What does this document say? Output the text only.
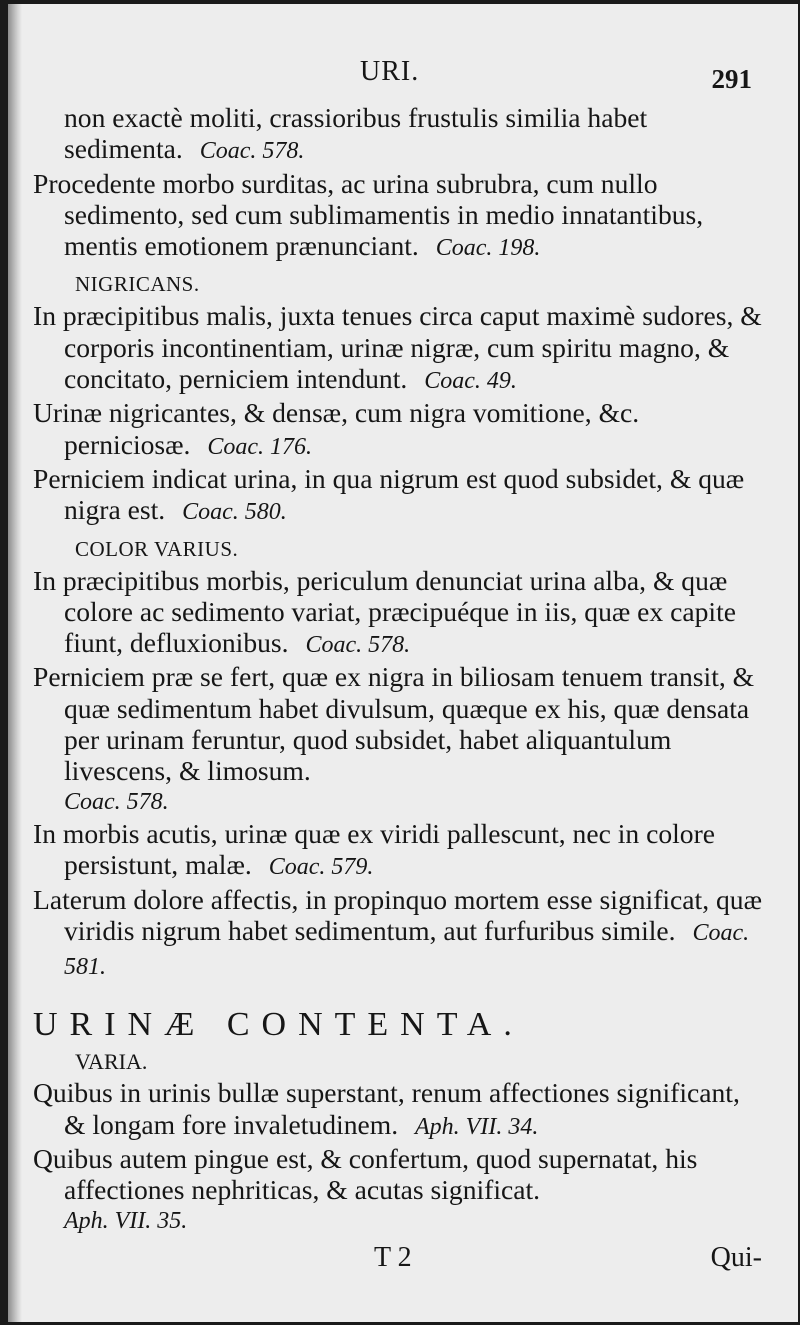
URI.	291

non exactè moliti, crassioribus frustulis similia habet sedimenta. Coac. 578.

Procedente morbo surditas, ac urina subrubra, cum nullo sedimento, sed cum sublimamentis in medio innatantibus, mentis emotionem prænunciant. Coac. 198.

NIGRICANS.

In præcipitibus malis, juxta tenues circa caput maximè sudores, & corporis incontinentiam, urinæ nigræ, cum spiritu magno, & concitato, perniciem intendunt. Coac. 49.

Urinæ nigricantes, & densæ, cum nigra vomitione, &c. perniciosæ. Coac. 176.

Perniciem indicat urina, in qua nigrum est quod subsidet, & quæ nigra est. Coac. 580.

COLOR VARIUS.

In præcipitibus morbis, periculum denunciat urina alba, & quæ colore ac sedimento variat, præcipuéque in iis, quæ ex capite fiunt, defluxionibus. Coac. 578.

Perniciem præ se fert, quæ ex nigra in biliosam tenuem transit, & quæ sedimentum habet divulsum, quæque ex his, quæ densata per urinam feruntur, quod subsidet, habet aliquantulum livescens, & limosum.

Coac. 578.

In morbis acutis, urinæ quæ ex viridi pallescunt, nec in colore persistunt, malæ. Coac. 579.

Laterum dolore affectis, in propinquo mortem esse significat, quæ viridis nigrum habet sedimentum, aut furfuribus simile. Coac. 581.

URINÆ CONTENTA.

VARIA.

Quibus in urinis bullæ superstant, renum affectiones significant, & longam fore invaletudinem. Aph. VII. 34.

Quibus autem pingue est, & confertum, quod supernatat, his affectiones nephriticas, & acutas significat.

Aph. VII. 35.

T 2	Qui-
